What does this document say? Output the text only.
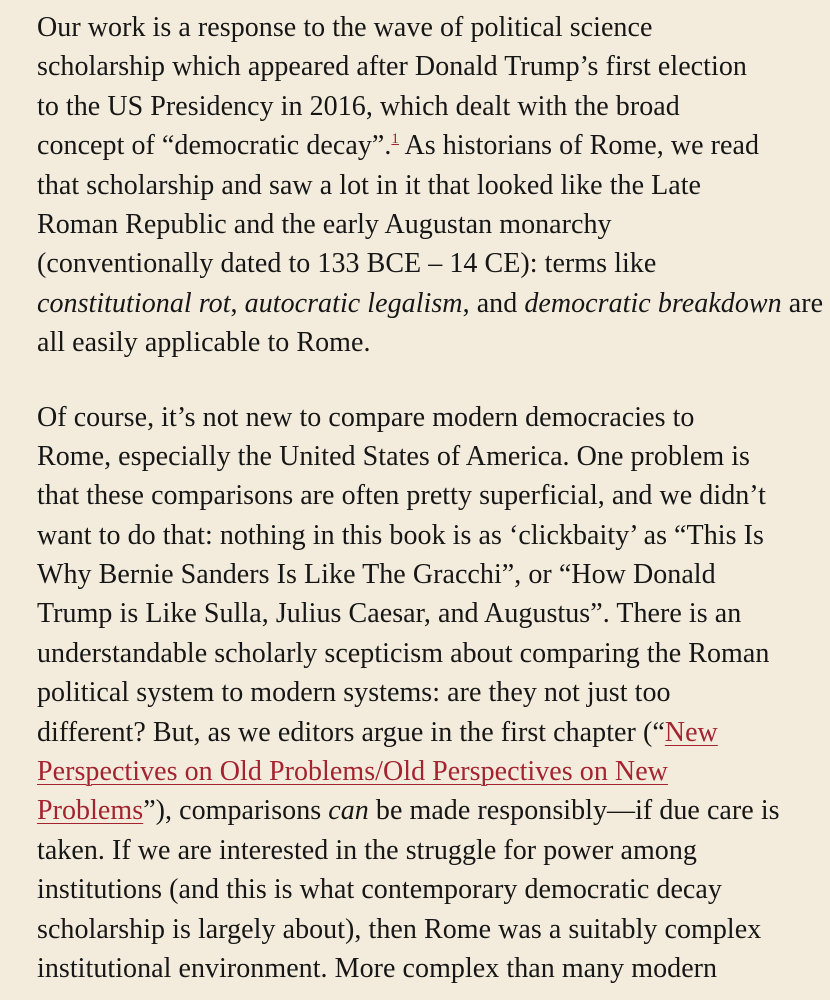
Our work is a response to the wave of political science
scholarship which appeared after Donald Trump’s first election
to the US Presidency in 2016, which dealt with the broad
concept of “democratic decay”.$^1$ As historians of Rome, we read
that scholarship and saw a lot in it that looked like the Late
Roman Republic and the early Augustan monarchy
(conventionally dated to 133 BCE – 14 CE): terms like
constitutional rot, autocratic legalism, and democratic breakdown are
all easily applicable to Rome.
Of course, it’s not new to compare modern democracies to
Rome, especially the United States of America. One problem is
that these comparisons are often pretty superficial, and we didn’t
want to do that: nothing in this book is as ‘clickbaity’ as “This Is
Why Bernie Sanders Is Like The Gracchi”, or “How Donald
Trump is Like Sulla, Julius Caesar, and Augustus”. There is an
understandable scholarly scepticism about comparing the Roman
political system to modern systems: are they not just too
different? But, as we editors argue in the first chapter (“New
Perspectives on Old Problems/Old Perspectives on New
Problems”), comparisons can be made responsibly—if due care is
taken. If we are interested in the struggle for power among
institutions (and this is what contemporary democratic decay
scholarship is largely about), then Rome was a suitably complex
institutional environment. More complex than many modern
